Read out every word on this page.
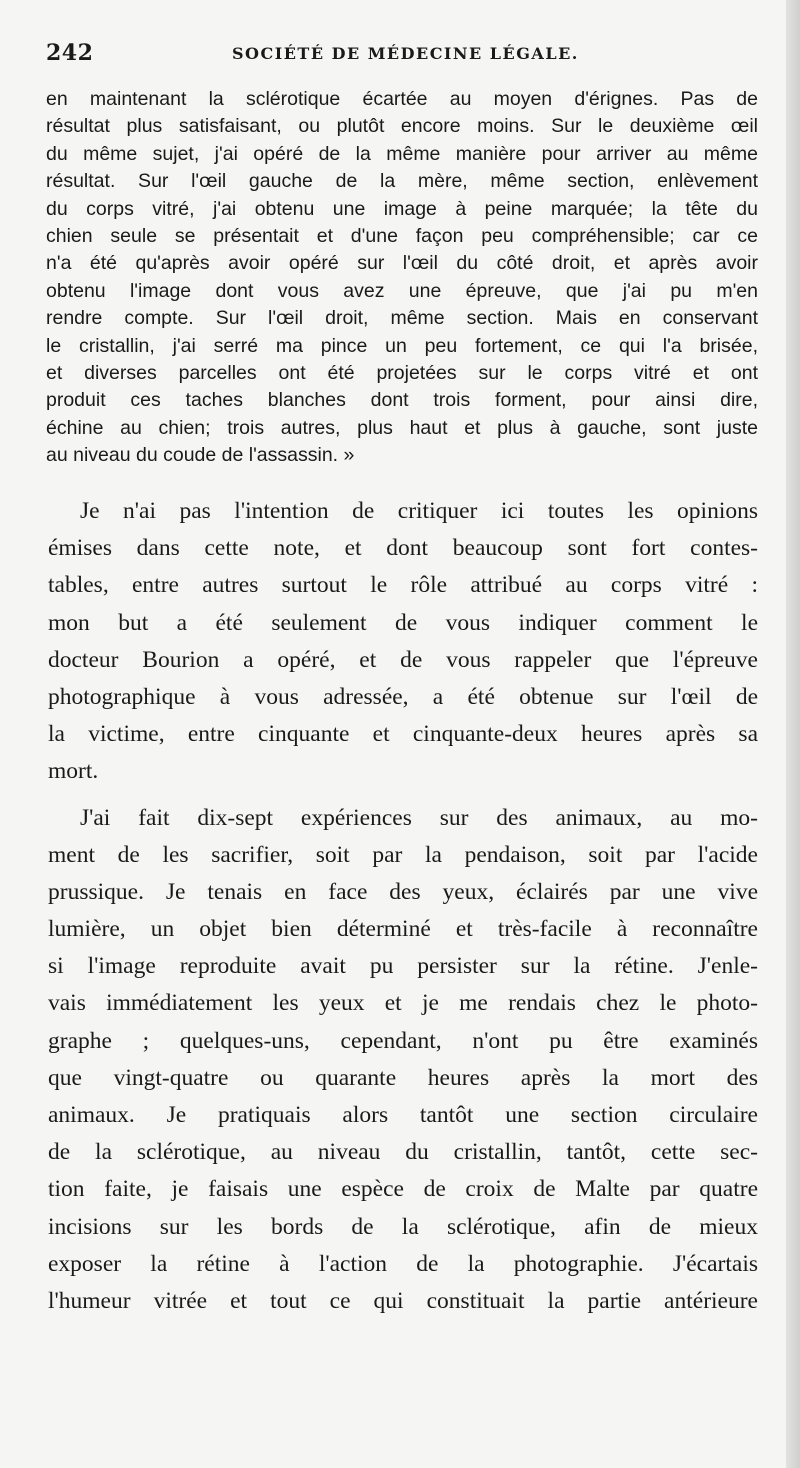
242	SOCIÉTÉ DE MÉDECINE LÉGALE.
en maintenant la sclérotique écartée au moyen d'érignes. Pas de
résultat plus satisfaisant, ou plutôt encore moins. Sur le deuxième œil
du même sujet, j'ai opéré de la même manière pour arriver au même
résultat. Sur l'œil gauche de la mère, même section, enlèvement
du corps vitré, j'ai obtenu une image à peine marquée; la tête du
chien seule se présentait et d'une façon peu compréhensible; car ce
n'a été qu'après avoir opéré sur l'œil du côté droit, et après avoir
obtenu l'image dont vous avez une épreuve, que j'ai pu m'en
rendre compte. Sur l'œil droit, même section. Mais en conservant
le cristallin, j'ai serré ma pince un peu fortement, ce qui l'a brisée,
et diverses parcelles ont été projetées sur le corps vitré et ont
produit ces taches blanches dont trois forment, pour ainsi dire,
échine au chien; trois autres, plus haut et plus à gauche, sont juste
au niveau du coude de l'assassin. »
Je n'ai pas l'intention de critiquer ici toutes les opinions
émises dans cette note, et dont beaucoup sont fort contes-
tables, entre autres surtout le rôle attribué au corps vitré :
mon but a été seulement de vous indiquer comment le
docteur Bourion a opéré, et de vous rappeler que l'épreuve
photographique à vous adressée, a été obtenue sur l'œil de
la victime, entre cinquante et cinquante-deux heures après sa
mort.
J'ai fait dix-sept expériences sur des animaux, au mo-
ment de les sacrifier, soit par la pendaison, soit par l'acide
prussique. Je tenais en face des yeux, éclairés par une vive
lumière, un objet bien déterminé et très-facile à reconnaître
si l'image reproduite avait pu persister sur la rétine. J'enle-
vais immédiatement les yeux et je me rendais chez le photo-
graphe ; quelques-uns, cependant, n'ont pu être examinés
que vingt-quatre ou quarante heures après la mort des
animaux. Je pratiquais alors tantôt une section circulaire
de la sclérotique, au niveau du cristallin, tantôt, cette sec-
tion faite, je faisais une espèce de croix de Malte par quatre
incisions sur les bords de la sclérotique, afin de mieux
exposer la rétine à l'action de la photographie. J'écartais
l'humeur vitrée et tout ce qui constituait la partie antérieure
